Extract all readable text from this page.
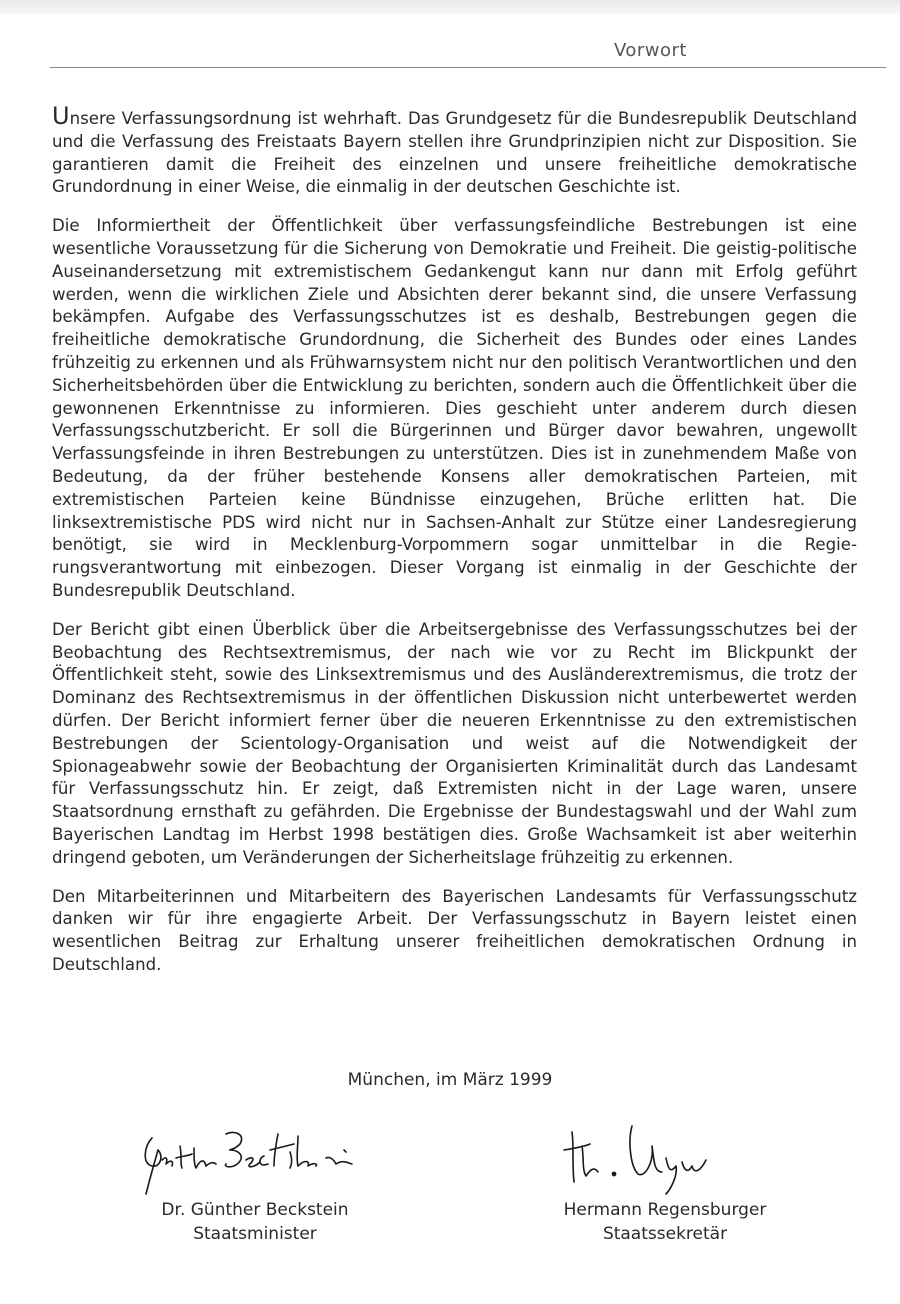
Vorwort

Unsere Verfassungsordnung ist wehrhaft. Das Grundgesetz für die Bundesrepublik Deutschland und die Verfassung des Freistaats Bayern stellen ihre Grundprinzipien nicht zur Disposition. Sie garantieren damit die Freiheit des einzelnen und unsere freiheitliche demokratische Grundordnung in einer Weise, die einmalig in der deutschen Geschichte ist.

Die Informiertheit der Öffentlichkeit über verfassungsfeindliche Bestrebungen ist eine wesentliche Voraussetzung für die Sicherung von Demokratie und Freiheit. Die geistig-politische Auseinandersetzung mit extremistischem Gedankengut kann nur dann mit Erfolg geführt werden, wenn die wirklichen Ziele und Absichten derer bekannt sind, die unsere Verfassung bekämpfen. Aufgabe des Verfassungsschutzes ist es deshalb, Bestrebungen gegen die freiheitliche demokratische Grundordnung, die Sicherheit des Bundes oder eines Landes frühzeitig zu erkennen und als Frühwarnsystem nicht nur den politisch Verantwortlichen und den Sicherheitsbehörden über die Entwicklung zu berichten, sondern auch die Öffentlichkeit über die gewonnenen Erkenntnisse zu informieren. Dies geschieht unter anderem durch diesen Verfassungsschutzbericht. Er soll die Bürgerinnen und Bürger davor bewahren, ungewollt Verfassungsfeinde in ihren Bestrebungen zu unterstützen. Dies ist in zunehmendem Maße von Bedeutung, da der früher bestehende Konsens aller demokratischen Parteien, mit extremistischen Parteien keine Bündnisse einzugehen, Brüche erlitten hat. Die linksextremistische PDS wird nicht nur in Sachsen-Anhalt zur Stütze einer Landesregierung benötigt, sie wird in Mecklenburg-Vorpommern sogar unmittelbar in die Regierungsverantwortung mit einbezogen. Dieser Vorgang ist einmalig in der Geschichte der Bundesrepublik Deutschland.

Der Bericht gibt einen Überblick über die Arbeitsergebnisse des Verfassungsschutzes bei der Beobachtung des Rechtsextremismus, der nach wie vor zu Recht im Blickpunkt der Öffentlichkeit steht, sowie des Linksextremismus und des Ausländerextremismus, die trotz der Dominanz des Rechtsextremismus in der öffentlichen Diskussion nicht unterbewertet werden dürfen. Der Bericht informiert ferner über die neueren Erkenntnisse zu den extremistischen Bestrebungen der Scientology-Organisation und weist auf die Notwendigkeit der Spionageabwehr sowie der Beobachtung der Organisierten Kriminalität durch das Landesamt für Verfassungsschutz hin. Er zeigt, daß Extremisten nicht in der Lage waren, unsere Staatsordnung ernsthaft zu gefährden. Die Ergebnisse der Bundestagswahl und der Wahl zum Bayerischen Landtag im Herbst 1998 bestätigen dies. Große Wachsamkeit ist aber weiterhin dringend geboten, um Veränderungen der Sicherheitslage frühzeitig zu erkennen.

Den Mitarbeiterinnen und Mitarbeitern des Bayerischen Landesamts für Verfassungsschutz danken wir für ihre engagierte Arbeit. Der Verfassungsschutz in Bayern leistet einen wesentlichen Beitrag zur Erhaltung unserer freiheitlichen demokratischen Ordnung in Deutschland.

München, im März 1999
Dr. Günther Beckstein
Staatsminister
Hermann Regensburger
Staatssekretär
